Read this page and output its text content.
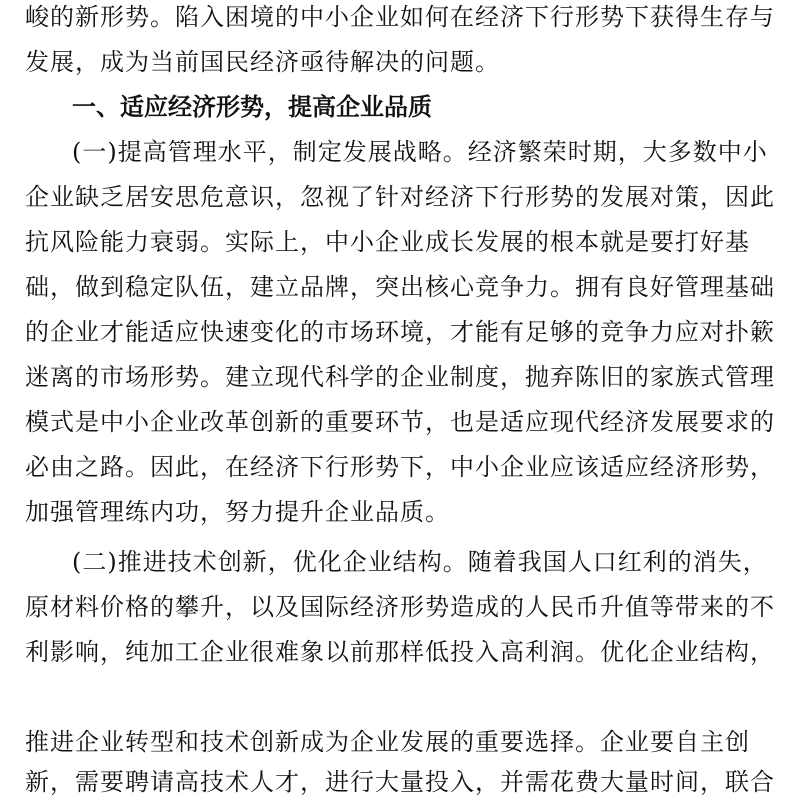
峻的新形势。陷入困境的中小企业如何在经济下行形势下获得生存与
发展，成为当前国民经济亟待解决的问题。
一、适应经济形势，提高企业品质
(一)提高管理水平，制定发展战略。经济繁荣时期，大多数中小
企业缺乏居安思危意识，忽视了针对经济下行形势的发展对策，因此
抗风险能力衰弱。实际上，中小企业成长发展的根本就是要打好基
础，做到稳定队伍，建立品牌，突出核心竞争力。拥有良好管理基础
的企业才能适应快速变化的市场环境，才能有足够的竞争力应对扑簌
迷离的市场形势。建立现代科学的企业制度，抛弃陈旧的家族式管理
模式是中小企业改革创新的重要环节，也是适应现代经济发展要求的
必由之路。因此，在经济下行形势下，中小企业应该适应经济形势，
加强管理练内功，努力提升企业品质。
(二)推进技术创新，优化企业结构。随着我国人口红利的消失，
原材料价格的攀升，以及国际经济形势造成的人民币升值等带来的不
利影响，纯加工企业很难象以前那样低投入高利润。优化企业结构，
推进企业转型和技术创新成为企业发展的重要选择。企业要自主创
新，需要聘请高技术人才，进行大量投入，并需花费大量时间，联合
